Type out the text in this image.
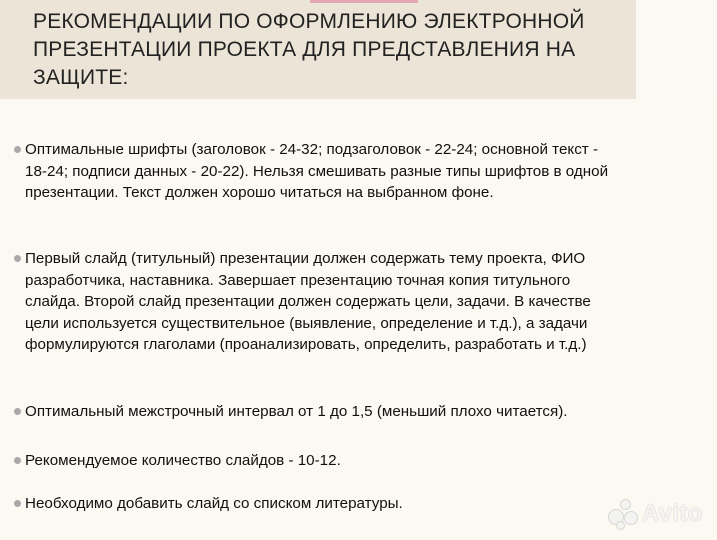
РЕКОМЕНДАЦИИ ПО ОФОРМЛЕНИЮ ЭЛЕКТРОННОЙ ПРЕЗЕНТАЦИИ ПРОЕКТА ДЛЯ ПРЕДСТАВЛЕНИЯ НА ЗАЩИТЕ:
Оптимальные шрифты (заголовок - 24-32; подзаголовок - 22-24; основной текст - 18-24; подписи данных - 20-22). Нельзя смешивать разные типы шрифтов в одной презентации. Текст должен хорошо читаться на выбранном фоне.
Первый слайд (титульный) презентации должен содержать тему проекта, ФИО разработчика, наставника. Завершает презентацию точная копия титульного слайда. Второй слайд презентации должен содержать цели, задачи. В качестве цели используется существительное (выявление, определение и т.д.), а задачи формулируются глаголами (проанализировать, определить, разработать и т.д.)
Оптимальный межстрочный интервал от 1 до 1,5 (меньший плохо читается).
Рекомендуемое количество слайдов - 10-12.
Необходимо добавить слайд со списком литературы.	Avito
